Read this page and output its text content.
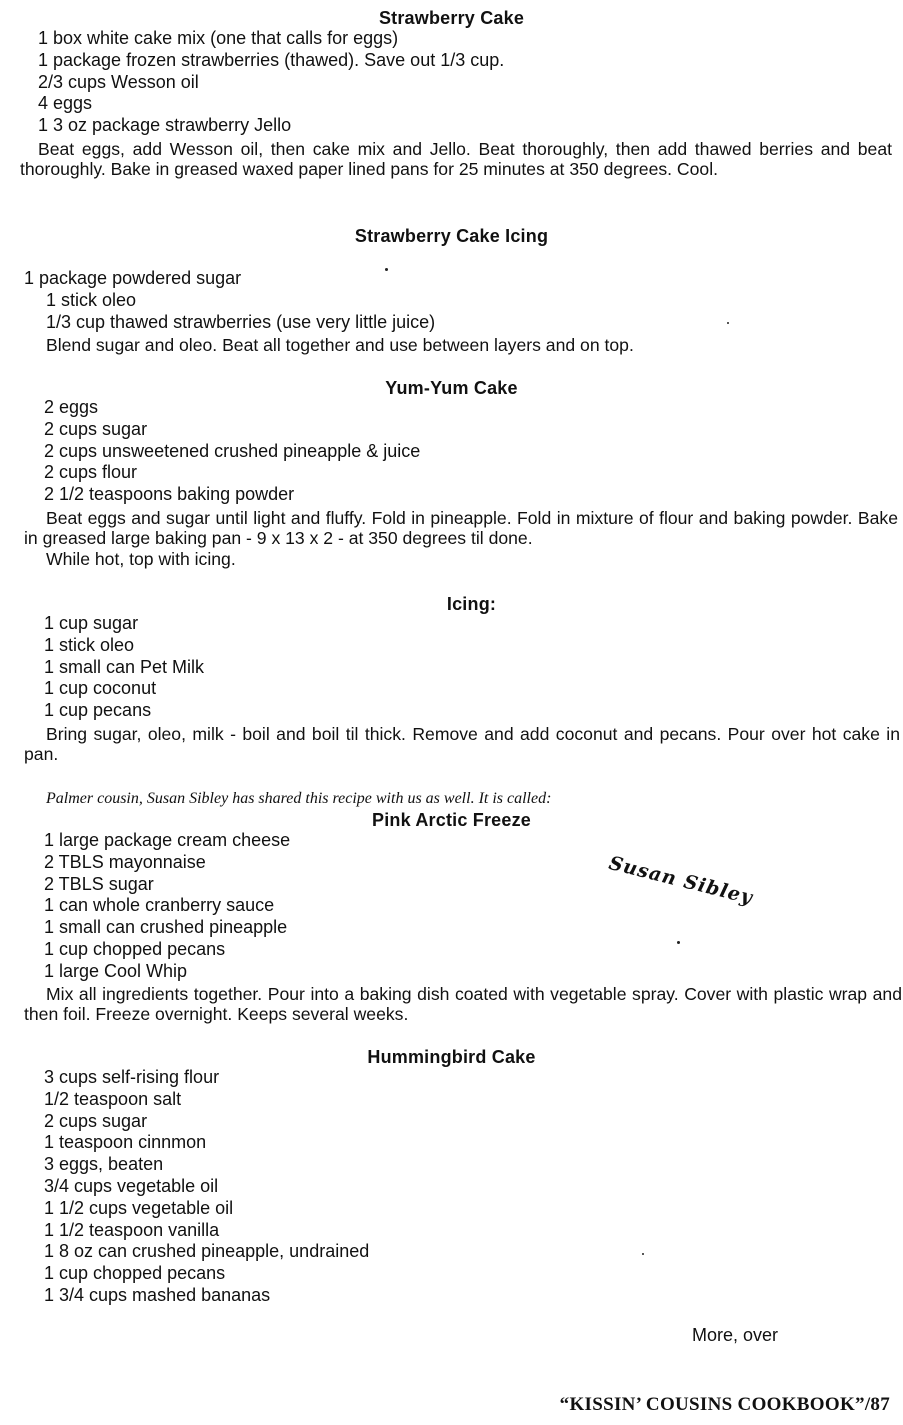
Strawberry Cake
1 box white cake mix (one that calls for eggs)
1 package frozen strawberries (thawed). Save out 1/3 cup.
2/3 cups Wesson oil
4 eggs
1 3 oz package strawberry Jello

Beat eggs, add Wesson oil, then cake mix and Jello. Beat thoroughly, then add thawed berries and beat thoroughly. Bake in greased waxed paper lined pans for 25 minutes at 350 degrees. Cool.

Strawberry Cake Icing
1 package powdered sugar
1 stick oleo
1/3 cup thawed strawberries (use very little juice)

Blend sugar and oleo. Beat all together and use between layers and on top.

Yum-Yum Cake
2 eggs
2 cups sugar
2 cups unsweetened crushed pineapple & juice
2 cups flour
2 1/2 teaspoons baking powder

Beat eggs and sugar until light and fluffy. Fold in pineapple. Fold in mixture of flour and baking powder. Bake in greased large baking pan - 9 x 13 x 2 - at 350 degrees til done.

While hot, top with icing.

Icing:
1 cup sugar
1 stick oleo
1 small can Pet Milk
1 cup coconut
1 cup pecans

Bring sugar, oleo, milk - boil and boil til thick. Remove and add coconut and pecans. Pour over hot cake in pan.

Palmer cousin, Susan Sibley has shared this recipe with us as well. It is called:

Pink Arctic Freeze
1 large package cream cheese
2 TBLS mayonnaise
2 TBLS sugar
1 can whole cranberry sauce
1 small can crushed pineapple
1 cup chopped pecans
1 large Cool Whip
Susan Sibley

Mix all ingredients together. Pour into a baking dish coated with vegetable spray. Cover with plastic wrap and then foil. Freeze overnight. Keeps several weeks.

Hummingbird Cake
3 cups self-rising flour
1/2 teaspoon salt
2 cups sugar
1 teaspoon cinnmon
3 eggs, beaten
3/4 cups vegetable oil
1 1/2 cups vegetable oil
1 1/2 teaspoon vanilla
1 8 oz can crushed pineapple, undrained
1 cup chopped pecans
1 3/4 cups mashed bananas
More, over
“KISSIN’ COUSINS COOKBOOK”/87
